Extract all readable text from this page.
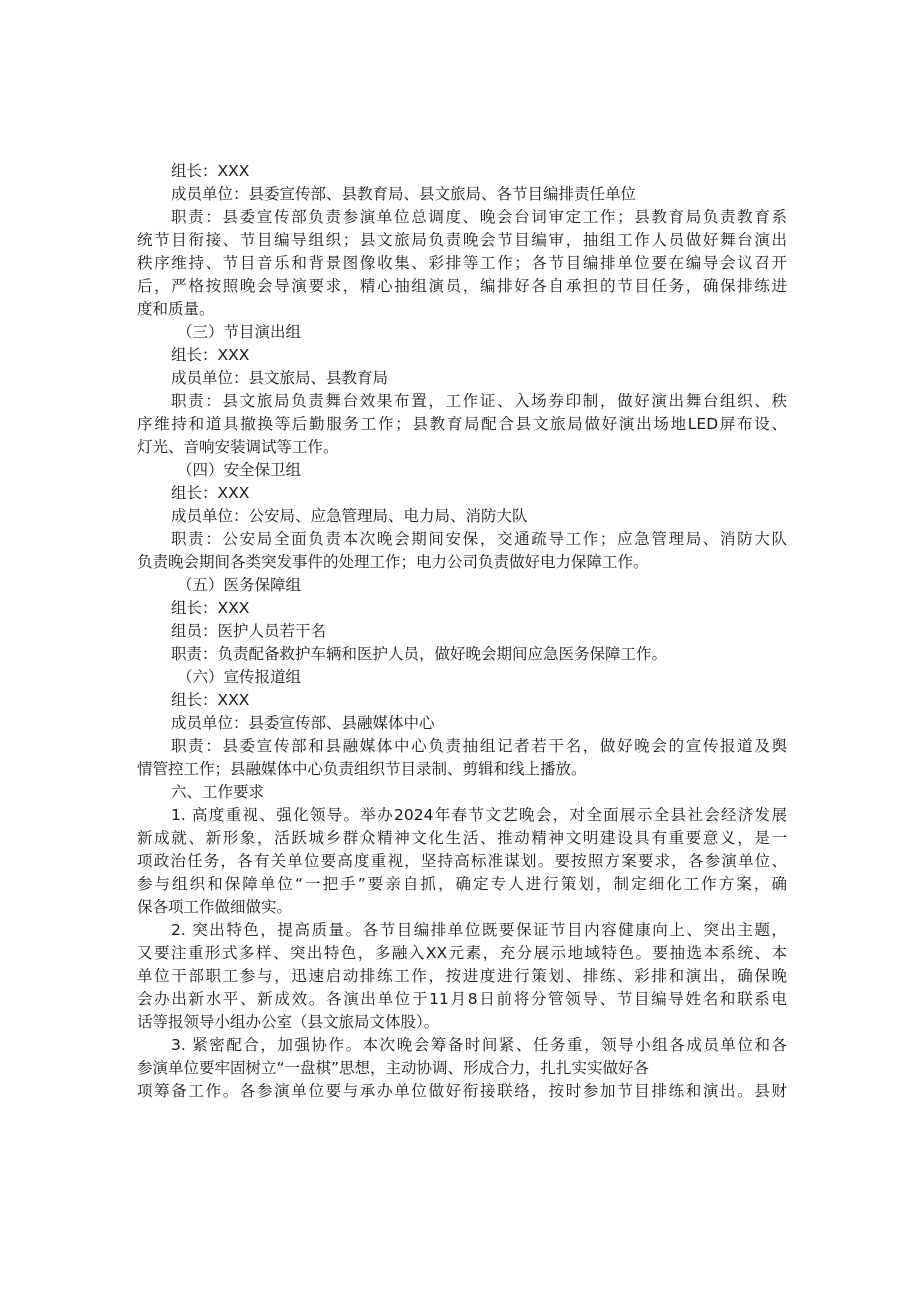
组长：XXX
成员单位：县委宣传部、县教育局、县文旅局、各节目编排责任单位
职责：县委宣传部负责参演单位总调度、晚会台词审定工作；县教育局负责教育系
统节目衔接、节目编导组织；县文旅局负责晚会节目编审，抽组工作人员做好舞台演出
秩序维持、节目音乐和背景图像收集、彩排等工作；各节目编排单位要在编导会议召开
后，严格按照晚会导演要求，精心抽组演员，编排好各自承担的节目任务，确保排练进
度和质量。
（三）节目演出组
组长：XXX
成员单位：县文旅局、县教育局
职责：县文旅局负责舞台效果布置，工作证、入场券印制，做好演出舞台组织、秩
序维持和道具撤换等后勤服务工作；县教育局配合县文旅局做好演出场地LED屏布设、
灯光、音响安装调试等工作。
（四）安全保卫组
组长：XXX
成员单位：公安局、应急管理局、电力局、消防大队
职责：公安局全面负责本次晚会期间安保，交通疏导工作；应急管理局、消防大队
负责晚会期间各类突发事件的处理工作；电力公司负责做好电力保障工作。
（五）医务保障组
组长：XXX
组员：医护人员若干名
职责：负责配备救护车辆和医护人员，做好晚会期间应急医务保障工作。
（六）宣传报道组
组长：XXX
成员单位：县委宣传部、县融媒体中心
职责：县委宣传部和县融媒体中心负责抽组记者若干名，做好晚会的宣传报道及舆
情管控工作；县融媒体中心负责组织节目录制、剪辑和线上播放。
六、工作要求
1. 高度重视、强化领导。举办2024年春节文艺晚会，对全面展示全县社会经济发展
新成就、新形象，活跃城乡群众精神文化生活、推动精神文明建设具有重要意义，是一
项政治任务，各有关单位要高度重视，坚持高标准谋划。要按照方案要求，各参演单位、
参与组织和保障单位“一把手”要亲自抓，确定专人进行策划，制定细化工作方案，确
保各项工作做细做实。
2. 突出特色，提高质量。各节目编排单位既要保证节目内容健康向上、突出主题，
又要注重形式多样、突出特色，多融入XX元素，充分展示地域特色。要抽选本系统、本
单位干部职工参与，迅速启动排练工作，按进度进行策划、排练、彩排和演出，确保晚
会办出新水平、新成效。各演出单位于11月8日前将分管领导、节目编导姓名和联系电
话等报领导小组办公室（县文旅局文体股）。
3. 紧密配合，加强协作。本次晚会筹备时间紧、任务重，领导小组各成员单位和各
参演单位要牢固树立“一盘棋”思想，主动协调、形成合力，扎扎实实做好各
项筹备工作。各参演单位要与承办单位做好衔接联络，按时参加节目排练和演出。县财
